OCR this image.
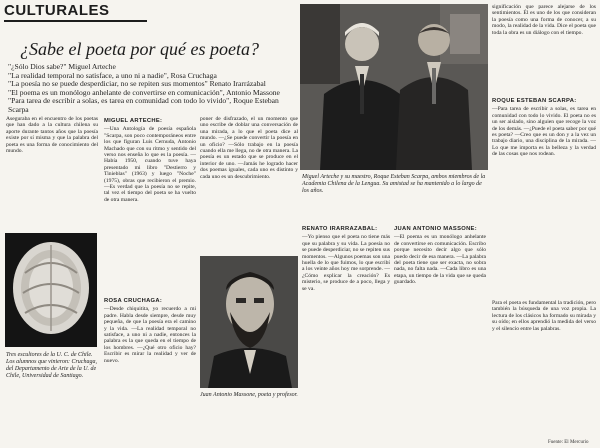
CULTURALES
¿Sabe el poeta por qué es poeta?

"¿Sólo Dios sabe?" Miguel Arteche

"La realidad temporal no satisface, a uno ni a nadie", Rosa Cruchaga

"La poesía no se puede desperdiciar, no se repiten sus momentos" Renato Irarrázabal

"El poema es un monólogo anhelante de convertirse en comunicación", Antonio Massone

"Para tarea de escribir a solas, es tarea en comunidad con todo lo vivido", Roque Esteban Scarpa

Aseguraba en el encuentro de los poetas que han dado a la cultura chilena su aporte durante tantos años que la poesía existe por sí misma y que la palabra del poeta es una forma de conocimiento del mundo.

MIGUEL ARTECHE:

—Una Antología de poesía española "Scarpa, son poco contemporáneos entre los que figuran Luis Cernuda, Antonio Machado que con su ritmo y sentido del verso nos enseña lo que es la poesía. —Había 1950, cuando tuve haya presentado mi libro "Destierro y Tinieblas" (1963) y luego "Noche" (1975), obras que recibieron el premio. —Es verdad que la poesía no se repite, tal vez el tiempo del poeta se ha vuelto de otra manera.

ROSA CRUCHAGA:

—Desde chiquitita, yo recuerdo a mi padre. Habla desde siempre, desde muy pequeña, de que la poesía era el camino y la vida. —La realidad temporal no satisface, a uno ni a nadie, entonces la palabra es la que queda en el tiempo de los hombres. —¿Qué otro oficio hay? Escribir es mirar la realidad y ver de nuevo.

poner de disfrazado, el un momento que uno escribe de doblar una conversación de una mirada, a lo que el poeta dice al mundo. —¿Se puede convertir la poesía en un oficio? —Sólo trabajo en la poesía cuando ella me llega, no de otra manera. La poesía es un estado que se produce en el interior de uno. —Jamás he logrado hacer dos poemas iguales, cada uno es distinto y cada uno es un descubrimiento.

RENATO IRARRAZABAL:

—Yo pienso que el poeta no tiene más que su palabra y su vida. La poesía no se puede desperdiciar, no se repiten sus momentos. —Algunos poemas son una huella de lo que fuimos, lo que escribí a los veinte años hoy me sorprende. —¿Cómo explicar la creación? Es misterio, se produce de a poco, llega y se va.

JUAN ANTONIO MASSONE:

—El poema es un monólogo anhelante de convertirse en comunicación. Escribo porque necesito decir algo que sólo puedo decir de esa manera. —La palabra del poeta tiene que ser exacta, no sobra nada, no falta nada. —Cada libro es una etapa, un tiempo de la vida que se queda guardado.

significación que parece alejarse de los sentimientos. Él es uno de los que consideran la poesía como una forma de conocer, a su modo, la realidad de la vida. Dice el poeta que toda la obra es un diálogo con el tiempo.

ROQUE ESTEBAN SCARPA:

—Para tarea de escribir a solas, es tarea en comunidad con todo lo vivido. El poeta no es un ser aislado, sino alguien que recoge la voz de los demás. —¿Puede el poeta saber por qué es poeta? —Creo que es un don y a la vez un trabajo diario, una disciplina de la mirada. —Lo que me importa es la belleza y la verdad de las cosas que nos rodean.

Para el poeta es fundamental la tradición, pero también la búsqueda de una voz propia. La lectura de los clásicos ha formado su mirada y su oído; en ellos aprendió la medida del verso y el silencio entre las palabras.

Tres escultores de la U. C. de Chile. Los alumnos que vinieron: Cruchaga, del Departamento de Arte de la U. de Chile, Universidad de Santiago.
Miguel Arteche y su maestro, Roque Esteban Scarpa, ambos miembros de la Academia Chilena de la Lengua. Su amistad se ha mantenido a lo largo de los años.
Juan Antonio Massone, poeta y profesor.
Fuente: El Mercurio
